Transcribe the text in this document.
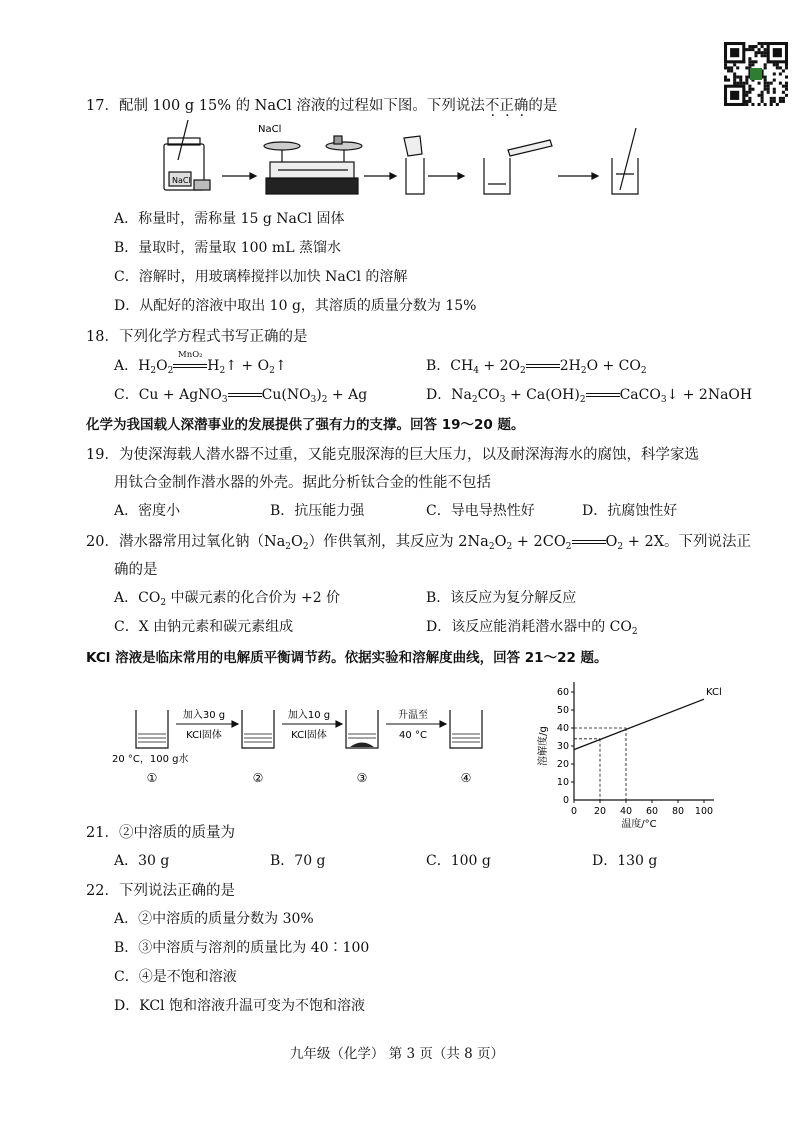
17．配制 100 g 15% 的 NaCl 溶液的过程如下图。下列说法不正确的是
NaCl
NaCl
A．称量时，需称量 15 g NaCl 固体
B．量取时，需量取 100 mL 蒸馏水
C．溶解时，用玻璃棒搅拌以加快 NaCl 的溶解
D．从配好的溶液中取出 10 g，其溶质的质量分数为 15%
18．下列化学方程式书写正确的是
A．$H_2O_2$
MnO₂
$H_2↑$ + $O_2↑$	B．$CH_4 + 2O_2$ $2H_2O + CO_2$
C．Cu + AgNO$_3$ $Cu(NO_3)_2 + Ag$	D．$Na_2CO_3 + Ca(OH)_2$ CaCO$_3$↓ + 2NaOH
化学为我国载人深潜事业的发展提供了强有力的支撑。回答 19～20 题。
19．为使深海载人潜水器不过重，又能克服深海的巨大压力，以及耐深海海水的腐蚀，科学家选
用钛合金制作潜水器的外壳。据此分析钛合金的性能不包括
A．密度小	B．抗压能力强	C．导电导热性好	D．抗腐蚀性好
20．潜水器常用过氧化钠$(Na_2O_2)$作供氧剂，其反应为 $2Na_2O_2 + 2CO_2$ $O_2 + 2X$。下列说法正
确的是
A．$CO_2$ 中碳元素的化合价为 +2 价	B．该反应为复分解反应
C．X 由钠元素和碳元素组成	D．该反应能消耗潜水器中的 $CO_2$
KCl 溶液是临床常用的电解质平衡调节药。依据实验和溶解度曲线，回答 21～22 题。
加入30 g
KCl固体
加入10 g
KCl固体
升温至
40 °C
20 °C，100 g水
①	②	③	④
0 20 40 60 80 100
0
10
20
30
40
50
60	KCl
温度/°C
溶解度/g
21．②中溶质的质量为
A．30 g	B．70 g	C．100 g	D．130 g
22．下列说法正确的是
A．②中溶质的质量分数为 30%
B．③中溶质与溶剂的质量比为 40∶100
C．④是不饱和溶液
D．KCl 饱和溶液升温可变为不饱和溶液
九年级（化学） 第 3 页（共 8 页）
